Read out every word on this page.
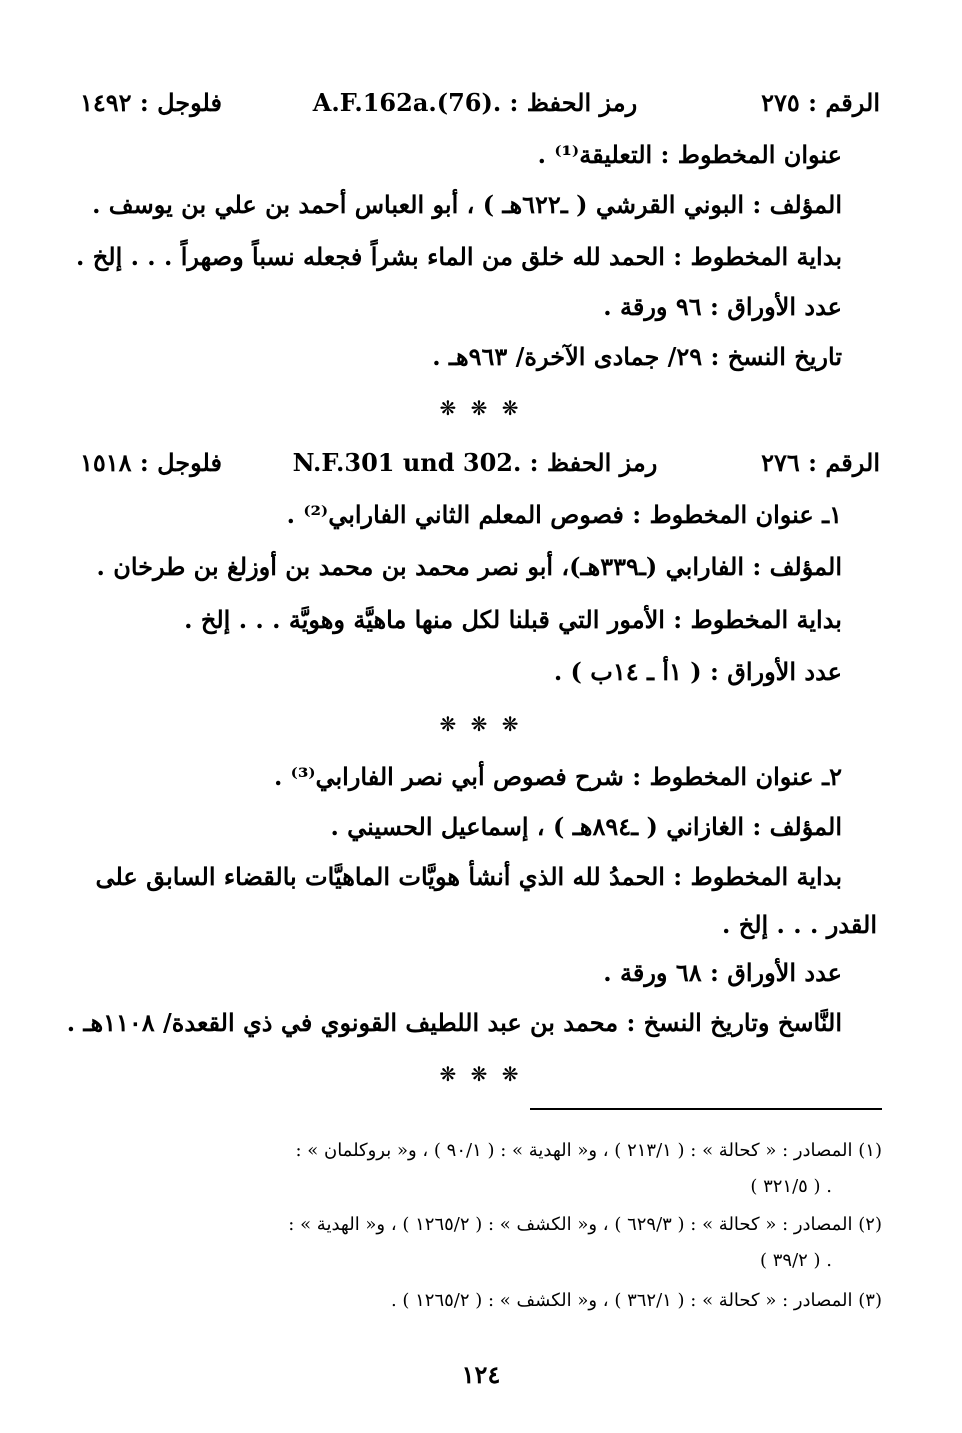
الرقم : ٢٧٥
رمز الحفظ : .A.F.162a.(76)
فلوجل : ١٤٩٢
عنوان المخطوط : التعليقة⁽¹⁾ .
المؤلف : البوني القرشي ( ـ٦٢٢هـ ) ، أبو العباس أحمد بن علي بن يوسف .
بداية المخطوط : الحمد لله خلق من الماء بشراً فجعله نسباً وصهراً . . . إلخ .
عدد الأوراق : ٩٦ ورقة .
تاريخ النسخ : ٢٩/ جمادى الآخرة/ ٩٦٣هـ .
❋ ❋ ❋
الرقم : ٢٧٦
رمز الحفظ : .N.F.301 und 302
فلوجل : ١٥١٨
١ـ عنوان المخطوط : فصوص المعلم الثاني الفارابي⁽²⁾ .
المؤلف : الفارابي (ـ٣٣٩هـ)، أبو نصر محمد بن محمد بن أوزلغ بن طرخان .
بداية المخطوط : الأمور التي قبلنا لكل منها ماهيَّة وهويَّة . . . إلخ .
عدد الأوراق : ( ١أ ـ ١٤ب ) .
❋ ❋ ❋
٢ـ عنوان المخطوط : شرح فصوص أبي نصر الفارابي⁽³⁾ .
المؤلف : الغازاني ( ـ٨٩٤هـ ) ، إسماعيل الحسيني .
بداية المخطوط : الحمدُ لله الذي أنشأ هويَّات الماهيَّات بالقضاء السابق على
القدر . . . إلخ .
عدد الأوراق : ٦٨ ورقة .
النَّاسخ وتاريخ النسخ : محمد بن عبد اللطيف القونوي في ذي القعدة/ ١١٠٨هـ .
❋ ❋ ❋
(١) المصادر : « كحالة » : ( ٢١٣/١ ) ، و« الهدية » : ( ٩٠/١ ) ، و« بروكلمان » :
( ٣٢١/٥ ) .
(٢) المصادر : « كحالة » : ( ٦٢٩/٣ ) ، و« الكشف » : ( ١٢٦٥/٢ ) ، و« الهدية » :
( ٣٩/٢ ) .
(٣) المصادر : « كحالة » : ( ٣٦٢/١ ) ، و« الكشف » : ( ١٢٦٥/٢ ) .
١٢٤
